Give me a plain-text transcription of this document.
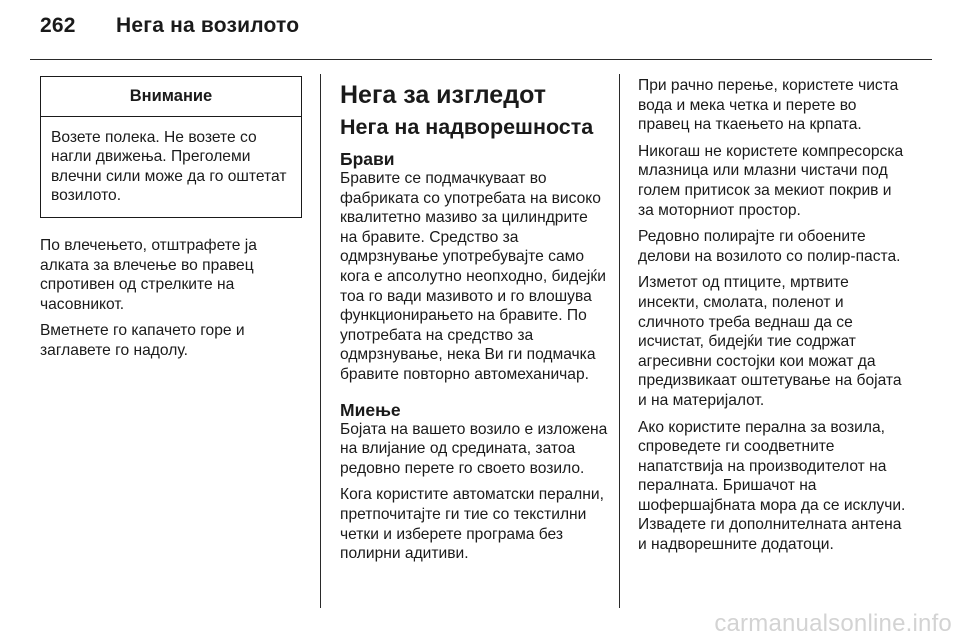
262	Нега на возилото
Внимание
Возете полека. Не возете со нагли движења. Преголеми влечни сили може да го оштетат возилото.

По влечењето, отштрафете ја алката за влечење во правец спротивен од стрелките на часовникот.

Вметнете го капачето горе и заглавете го надолу.

Нега за изгледот
Нега на надворешноста
Брави

Бравите се подмачкуваат во фабриката со употребата на високо квалитетно мазиво за цилиндрите на бравите. Средство за одмрзнување употребувајте само кога е апсолутно неопходно, бидејќи тоа го вади мазивото и го влошува функционирањето на бравите. По употребата на средство за одмрзнување, нека Ви ги подмачка бравите повторно автомеханичар.

Миење

Бојата на вашето возило е изложена на влијание од средината, затоа редовно перете го своето возило.

Кога користите автоматски перални, претпочитајте ги тие со текстилни четки и изберете програма без полирни адитиви.

При рачно перење, користете чиста вода и мека четка и перете во правец на ткаењето на крпата.

Никогаш не користете компресорска млазница или млазни чистачи под голем притисок за мекиот покрив и за моторниот простор.

Редовно полирајте ги обоените делови на возилото со полир-паста.

Изметот од птиците, мртвите инсекти, смолата, поленот и сличното треба веднаш да се исчистат, бидејќи тие содржат агресивни состојки кои можат да предизвикаат оштетување на бојата и на материјалот.

Ако користите перална за возила, спроведете ги соодветните напатствија на производителот на пералната. Бришачот на шофершајбната мора да се исклучи. Извадете ги дополнителната антена и надворешните додатоци.

carmanualsonline.info
